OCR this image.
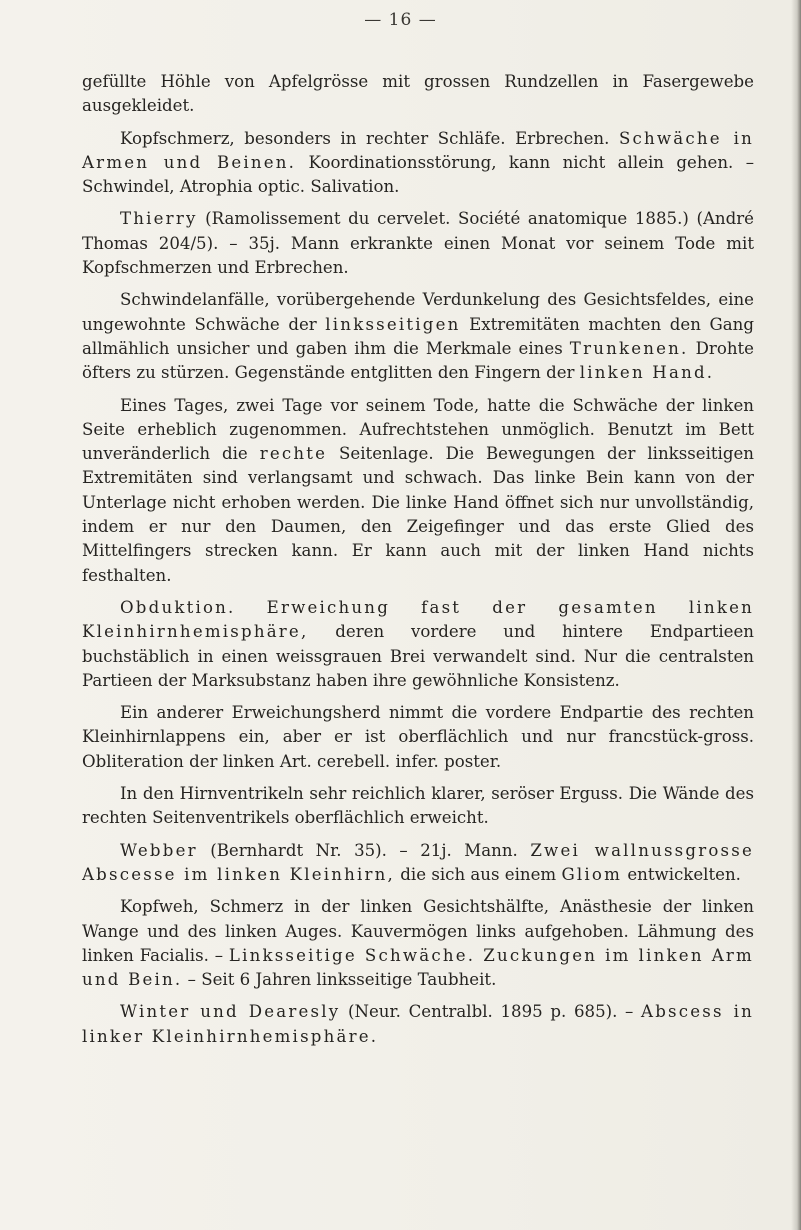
— 16 —

gefüllte Höhle von Apfelgrösse mit grossen Rundzellen in Fasergewebe ausgekleidet.

Kopfschmerz, besonders in rechter Schläfe. Erbrechen. Schwäche in Armen und Beinen. Koordinationsstörung, kann nicht allein gehen. – Schwindel, Atrophia optic. Salivation.

Thierry (Ramolissement du cervelet. Société anatomique 1885.) (André Thomas 204/5). – 35j. Mann erkrankte einen Monat vor seinem Tode mit Kopfschmerzen und Erbrechen.

Schwindelanfälle, vorübergehende Verdunkelung des Gesichtsfeldes, eine ungewohnte Schwäche der linksseitigen Extremitäten machten den Gang allmählich unsicher und gaben ihm die Merkmale eines Trunkenen. Drohte öfters zu stürzen. Gegenstände entglitten den Fingern der linken Hand.

Eines Tages, zwei Tage vor seinem Tode, hatte die Schwäche der linken Seite erheblich zugenommen. Aufrechtstehen unmöglich. Benutzt im Bett unveränderlich die rechte Seitenlage. Die Bewegungen der linksseitigen Extremitäten sind verlangsamt und schwach. Das linke Bein kann von der Unterlage nicht erhoben werden. Die linke Hand öffnet sich nur unvollständig, indem er nur den Daumen, den Zeigefinger und das erste Glied des Mittelfingers strecken kann. Er kann auch mit der linken Hand nichts festhalten.

Obduktion. Erweichung fast der gesamten linken Kleinhirnhemisphäre, deren vordere und hintere Endpartieen buchstäblich in einen weissgrauen Brei verwandelt sind. Nur die centralsten Partieen der Marksubstanz haben ihre gewöhnliche Konsistenz.

Ein anderer Erweichungsherd nimmt die vordere Endpartie des rechten Kleinhirnlappens ein, aber er ist oberflächlich und nur francstück-gross. Obliteration der linken Art. cerebell. infer. poster.

In den Hirnventrikeln sehr reichlich klarer, seröser Erguss. Die Wände des rechten Seitenventrikels oberflächlich erweicht.

Webber (Bernhardt Nr. 35). – 21j. Mann. Zwei wallnussgrosse Abscesse im linken Kleinhirn, die sich aus einem Gliom entwickelten.

Kopfweh, Schmerz in der linken Gesichtshälfte, Anästhesie der linken Wange und des linken Auges. Kauvermögen links aufgehoben. Lähmung des linken Facialis. – Linksseitige Schwäche. Zuckungen im linken Arm und Bein. – Seit 6 Jahren linksseitige Taubheit.

Winter und Dearesly (Neur. Centralbl. 1895 p. 685). – Abscess in linker Kleinhirnhemisphäre.
